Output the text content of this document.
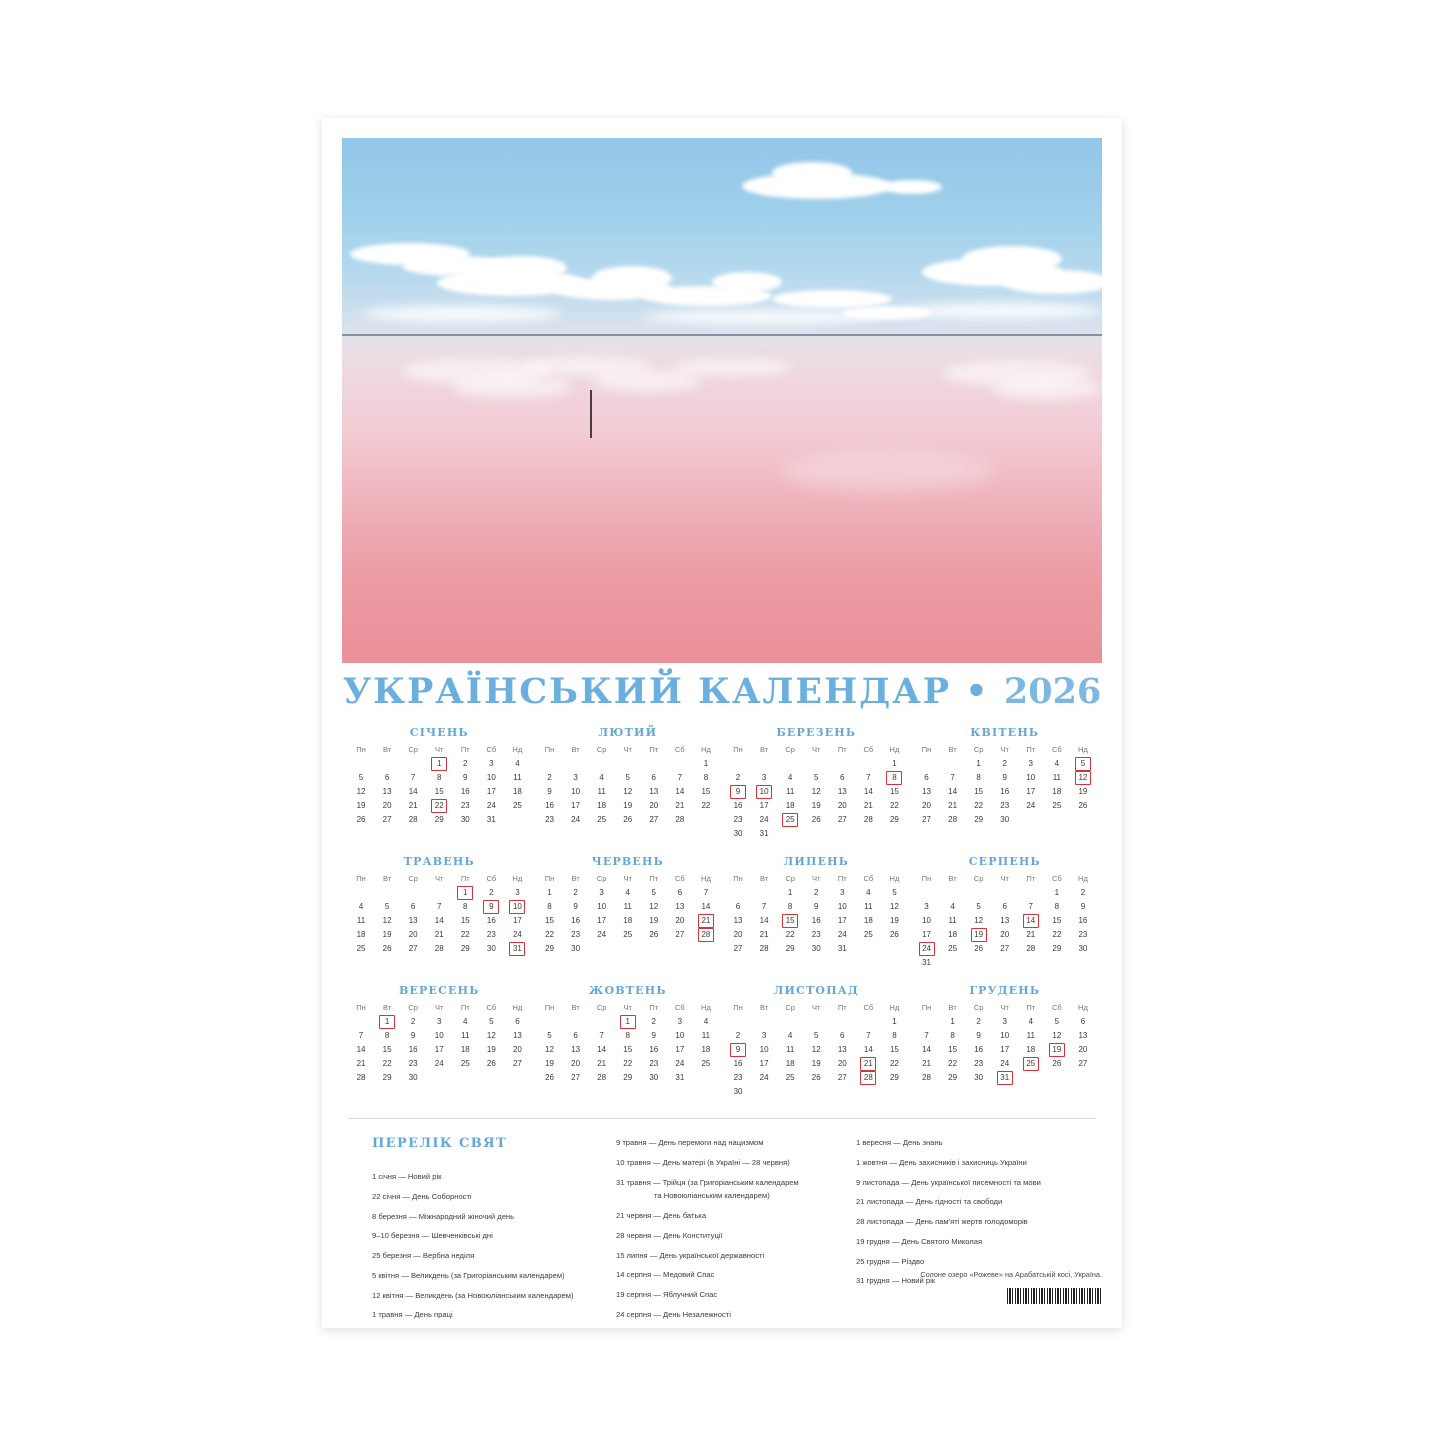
УКРАЇНСЬКИЙ КАЛЕНДАР • 2026
СІЧЕНЬ
Пн	Вт	Ср	Чт	Пт	Сб	Нд
			1	2	3	4
5	6	7	8	9	10	11
12	13	14	15	16	17	18
19	20	21	22	23	24	25
26	27	28	29	30	31	
ЛЮТИЙ
Пн	Вт	Ср	Чт	Пт	Сб	Нд
						1
2	3	4	5	6	7	8
9	10	11	12	13	14	15
16	17	18	19	20	21	22
23	24	25	26	27	28	
БЕРЕЗЕНЬ
Пн	Вт	Ср	Чт	Пт	Сб	Нд
						1
2	3	4	5	6	7	8
9	10	11	12	13	14	15
16	17	18	19	20	21	22
23	24	25	26	27	28	29
30	31					
КВІТЕНЬ
Пн	Вт	Ср	Чт	Пт	Сб	Нд
		1	2	3	4	5
6	7	8	9	10	11	12
13	14	15	16	17	18	19
20	21	22	23	24	25	26
27	28	29	30			
ТРАВЕНЬ
Пн	Вт	Ср	Чт	Пт	Сб	Нд
				1	2	3
4	5	6	7	8	9	10
11	12	13	14	15	16	17
18	19	20	21	22	23	24
25	26	27	28	29	30	31
ЧЕРВЕНЬ
Пн	Вт	Ср	Чт	Пт	Сб	Нд
1	2	3	4	5	6	7
8	9	10	11	12	13	14
15	16	17	18	19	20	21
22	23	24	25	26	27	28
29	30					
ЛИПЕНЬ
Пн	Вт	Ср	Чт	Пт	Сб	Нд
		1	2	3	4	5
6	7	8	9	10	11	12
13	14	15	16	17	18	19
20	21	22	23	24	25	26
27	28	29	30	31		
СЕРПЕНЬ
Пн	Вт	Ср	Чт	Пт	Сб	Нд
					1	2
3	4	5	6	7	8	9
10	11	12	13	14	15	16
17	18	19	20	21	22	23
24	25	26	27	28	29	30
31						
ВЕРЕСЕНЬ
Пн	Вт	Ср	Чт	Пт	Сб	Нд
	1	2	3	4	5	6
7	8	9	10	11	12	13
14	15	16	17	18	19	20
21	22	23	24	25	26	27
28	29	30				
ЖОВТЕНЬ
Пн	Вт	Ср	Чт	Пт	Сб	Нд
			1	2	3	4
5	6	7	8	9	10	11
12	13	14	15	16	17	18
19	20	21	22	23	24	25
26	27	28	29	30	31	
ЛИСТОПАД
Пн	Вт	Ср	Чт	Пт	Сб	Нд
						1
2	3	4	5	6	7	8
9	10	11	12	13	14	15
16	17	18	19	20	21	22
23	24	25	26	27	28	29
30						
ГРУДЕНЬ
Пн	Вт	Ср	Чт	Пт	Сб	Нд
	1	2	3	4	5	6
7	8	9	10	11	12	13
14	15	16	17	18	19	20
21	22	23	24	25	26	27
28	29	30	31			
ПЕРЕЛІК СВЯТ
1 січня — Новий рік
22 січня — День Соборності
8 березня — Міжнародний жіночий день
9–10 березня — Шевченківські дні
25 березня — Вербна неділя
5 квітня — Великдень (за Григоріанським календарем)
12 квітня — Великдень (за Новоюліанським календарем)
1 травня — День праці
9 травня — День перемоги над нацизмом
10 травня — День матері (в Україні — 28 червня)
31 травня — Трійця (за Григоріанським календарем
та Новоюліанським календарем)
21 червня — День батька
28 червня — День Конституції
15 липня — День української державності
14 серпня — Медовий Спас
19 серпня — Яблучний Спас
24 серпня — День Незалежності
1 вересня — День знань
1 жовтня — День захисників і захисниць України
9 листопада — День української писемності та мови
21 листопада — День гідності та свободи
28 листопада — День пам'яті жертв голодоморів
19 грудня — День Святого Миколая
25 грудня — Різдво
31 грудня — Новий рік
Солоне озеро «Рожеве» на Арабатській косі, Україна.
